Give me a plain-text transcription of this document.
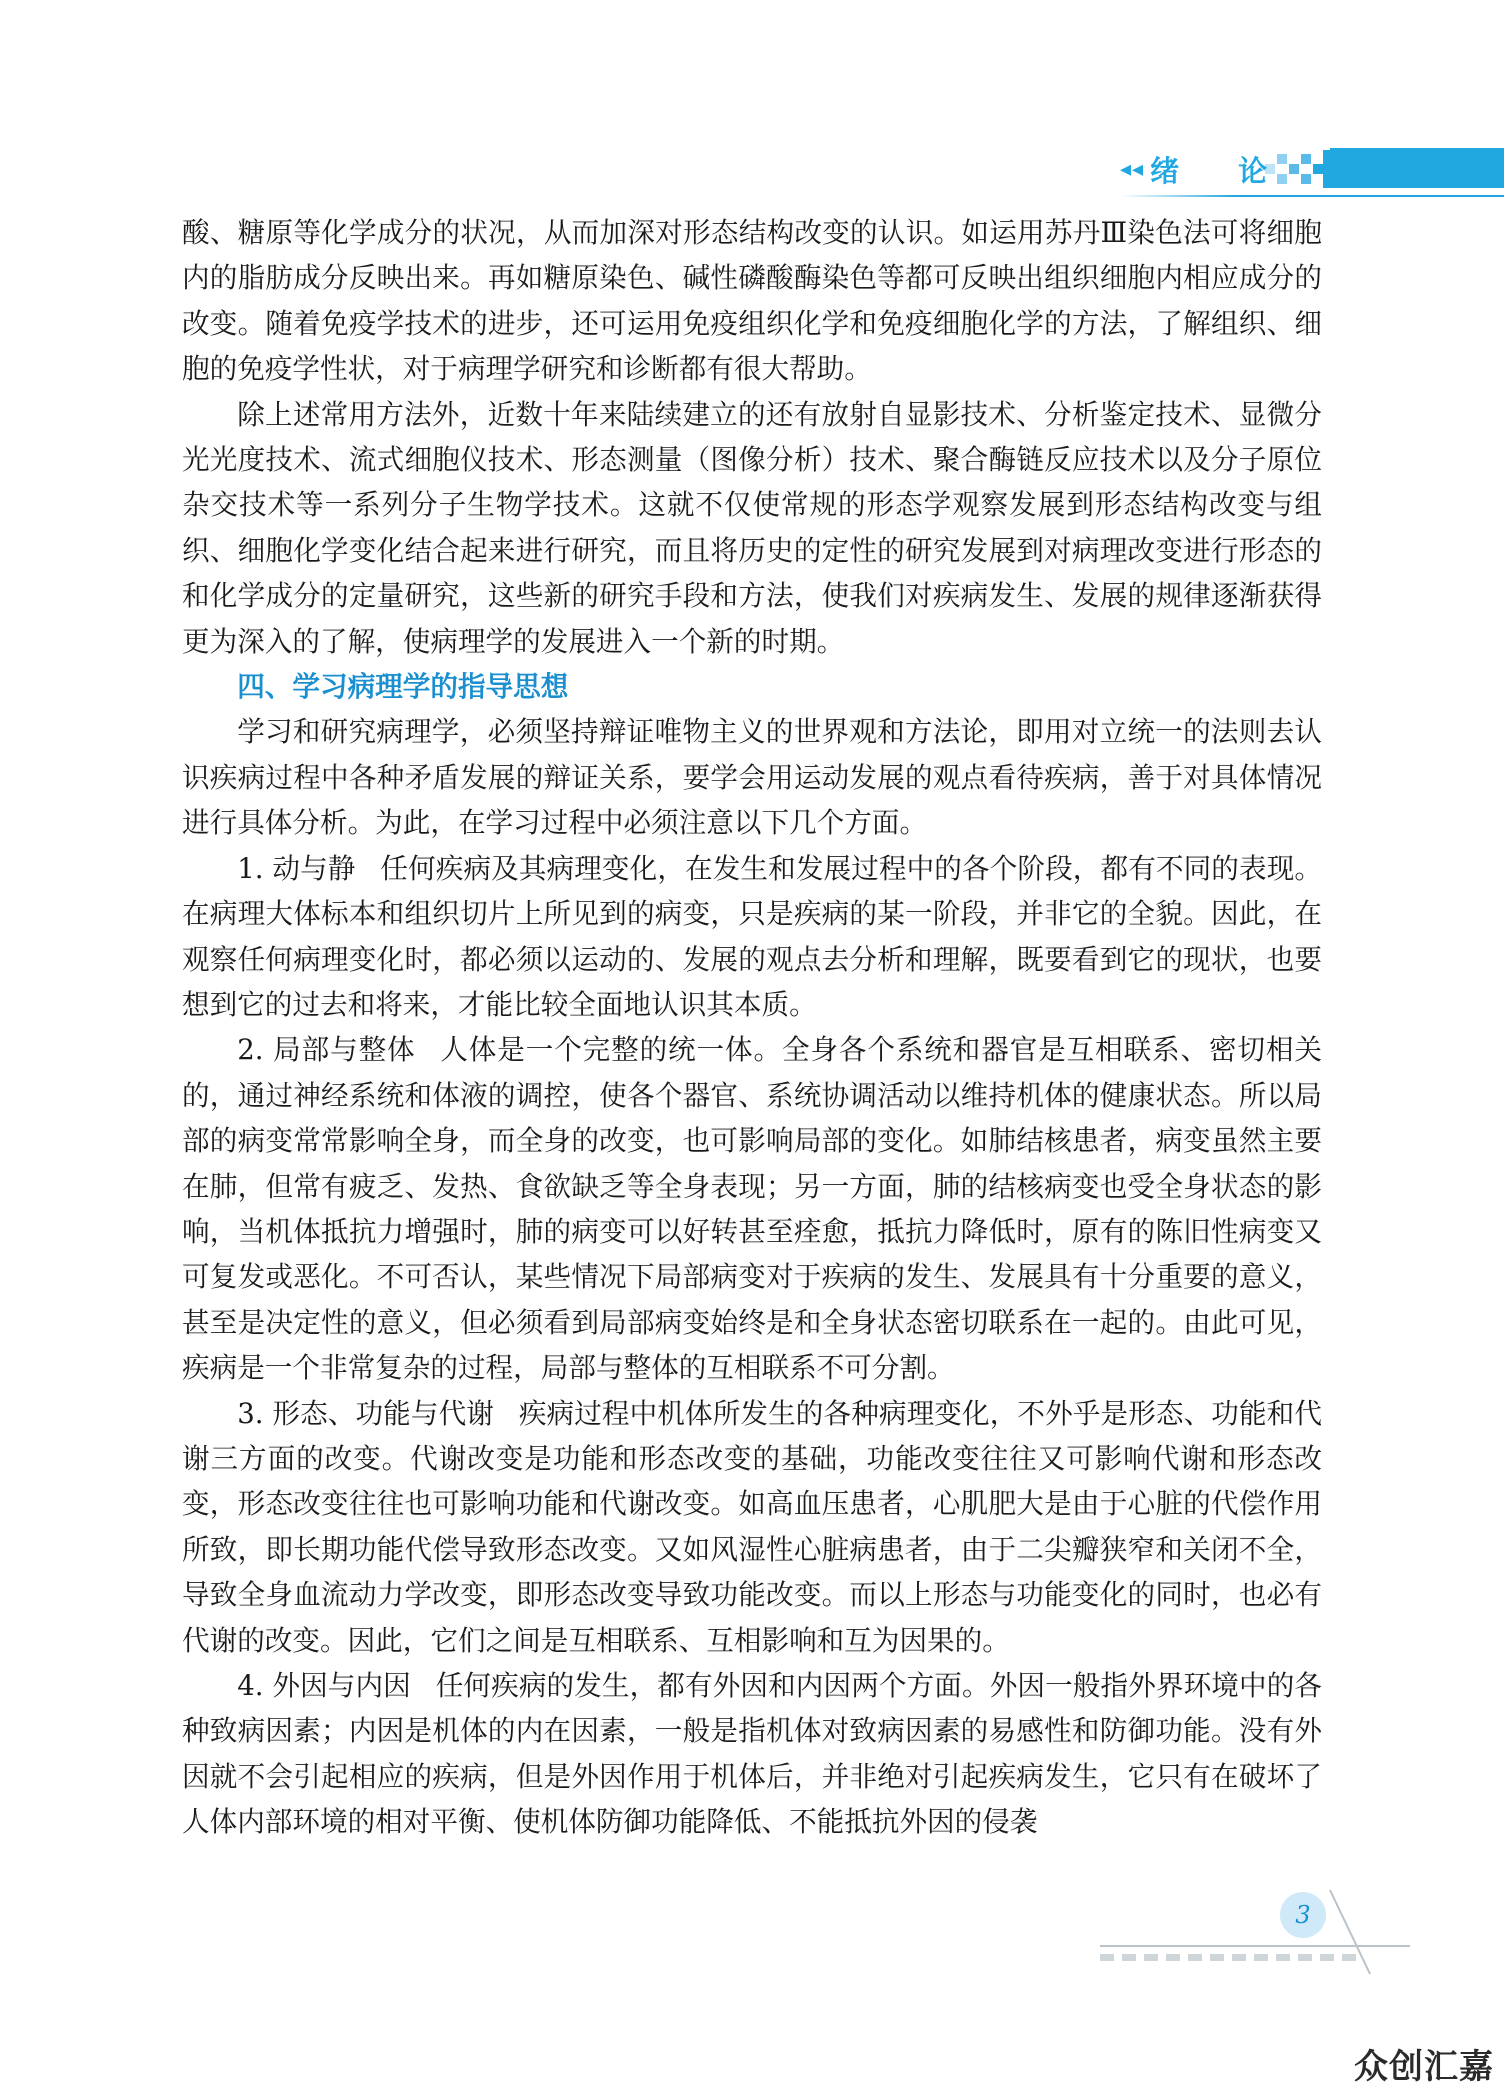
◂◂ 绪 论

酸、糖原等化学成分的状况，从而加深对形态结构改变的认识。如运用苏丹Ⅲ染色法可将细胞内的脂肪成分反映出来。再如糖原染色、碱性磷酸酶染色等都可反映出组织细胞内相应成分的改变。随着免疫学技术的进步，还可运用免疫组织化学和免疫细胞化学的方法，了解组织、细胞的免疫学性状，对于病理学研究和诊断都有很大帮助。

除上述常用方法外，近数十年来陆续建立的还有放射自显影技术、分析鉴定技术、显微分光光度技术、流式细胞仪技术、形态测量（图像分析）技术、聚合酶链反应技术以及分子原位杂交技术等一系列分子生物学技术。这就不仅使常规的形态学观察发展到形态结构改变与组织、细胞化学变化结合起来进行研究，而且将历史的定性的研究发展到对病理改变进行形态的和化学成分的定量研究，这些新的研究手段和方法，使我们对疾病发生、发展的规律逐渐获得更为深入的了解，使病理学的发展进入一个新的时期。

四、学习病理学的指导思想

学习和研究病理学，必须坚持辩证唯物主义的世界观和方法论，即用对立统一的法则去认识疾病过程中各种矛盾发展的辩证关系，要学会用运动发展的观点看待疾病，善于对具体情况进行具体分析。为此，在学习过程中必须注意以下几个方面。

1. 动与静 任何疾病及其病理变化，在发生和发展过程中的各个阶段，都有不同的表现。在病理大体标本和组织切片上所见到的病变，只是疾病的某一阶段，并非它的全貌。因此，在观察任何病理变化时，都必须以运动的、发展的观点去分析和理解，既要看到它的现状，也要想到它的过去和将来，才能比较全面地认识其本质。

2. 局部与整体 人体是一个完整的统一体。全身各个系统和器官是互相联系、密切相关的，通过神经系统和体液的调控，使各个器官、系统协调活动以维持机体的健康状态。所以局部的病变常常影响全身，而全身的改变，也可影响局部的变化。如肺结核患者，病变虽然主要在肺，但常有疲乏、发热、食欲缺乏等全身表现；另一方面，肺的结核病变也受全身状态的影响，当机体抵抗力增强时，肺的病变可以好转甚至痊愈，抵抗力降低时，原有的陈旧性病变又可复发或恶化。不可否认，某些情况下局部病变对于疾病的发生、发展具有十分重要的意义，甚至是决定性的意义，但必须看到局部病变始终是和全身状态密切联系在一起的。由此可见，疾病是一个非常复杂的过程，局部与整体的互相联系不可分割。

3. 形态、功能与代谢 疾病过程中机体所发生的各种病理变化，不外乎是形态、功能和代谢三方面的改变。代谢改变是功能和形态改变的基础，功能改变往往又可影响代谢和形态改变，形态改变往往也可影响功能和代谢改变。如高血压患者，心肌肥大是由于心脏的代偿作用所致，即长期功能代偿导致形态改变。又如风湿性心脏病患者，由于二尖瓣狭窄和关闭不全，导致全身血流动力学改变，即形态改变导致功能改变。而以上形态与功能变化的同时，也必有代谢的改变。因此，它们之间是互相联系、互相影响和互为因果的。

4. 外因与内因 任何疾病的发生，都有外因和内因两个方面。外因一般指外界环境中的各种致病因素；内因是机体的内在因素，一般是指机体对致病因素的易感性和防御功能。没有外因就不会引起相应的疾病，但是外因作用于机体后，并非绝对引起疾病发生，它只有在破坏了人体内部环境的相对平衡、使机体防御功能降低、不能抵抗外因的侵袭

3
众创汇嘉
